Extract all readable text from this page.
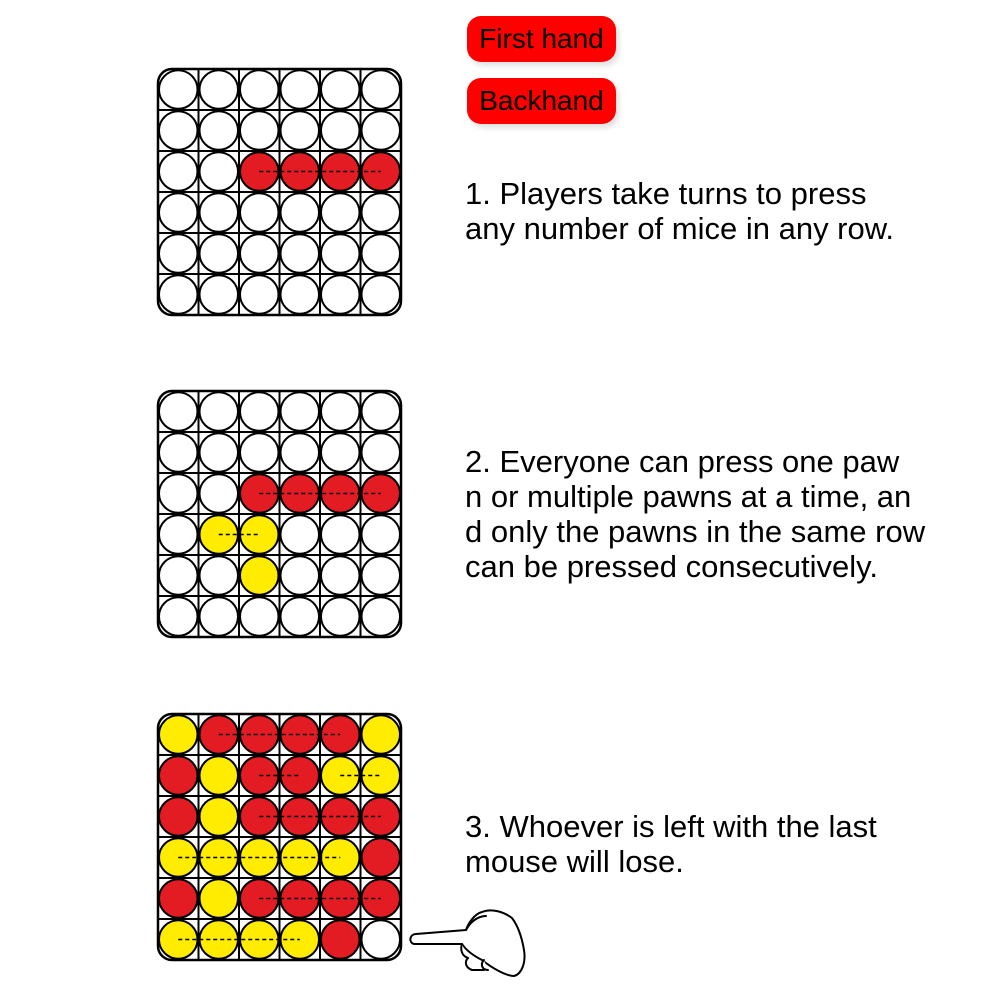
First hand
Backhand

1. Players take turns to press
any number of mice in any row.

2. Everyone can press one paw
n or multiple pawns at a time, an
d only the pawns in the same row
can be pressed consecutively.

3. Whoever is left with the last
mouse will lose.
